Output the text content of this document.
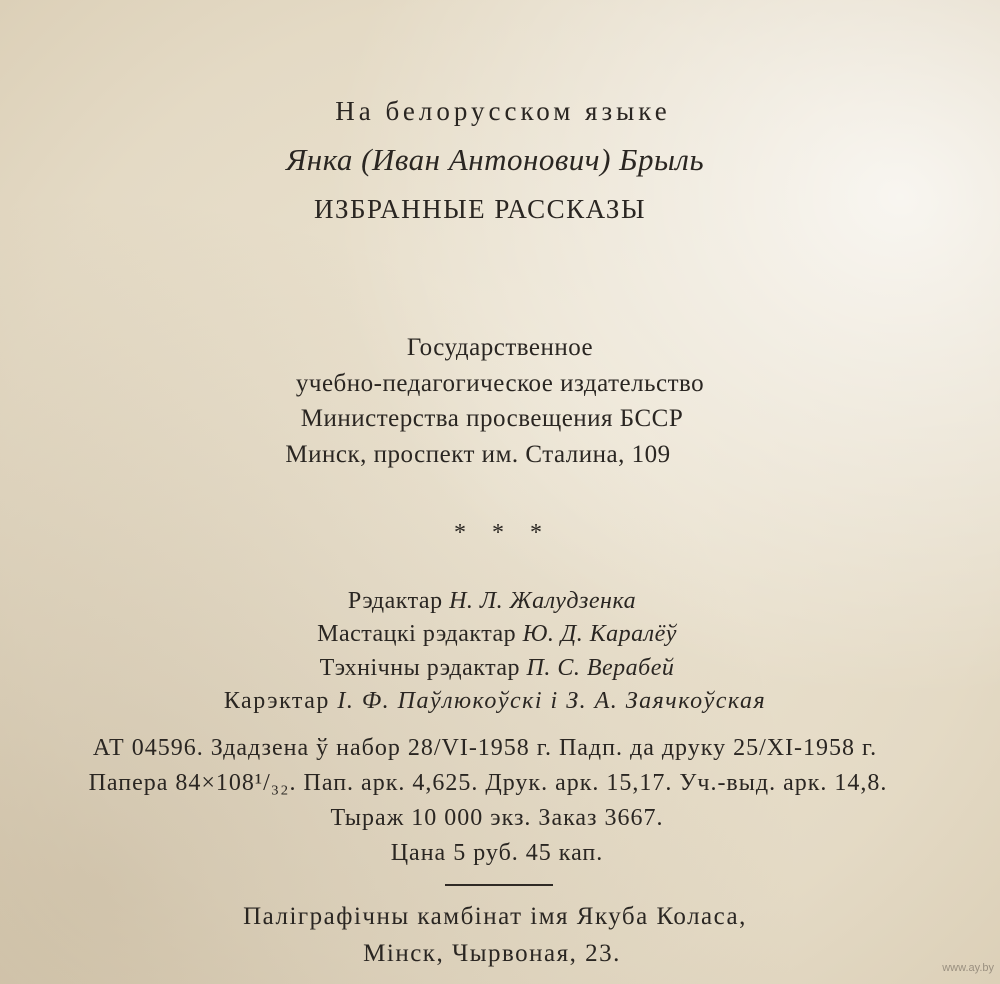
На белорусском языке
Янка (Иван Антонович) Брыль
ИЗБРАННЫЕ РАССКАЗЫ
Государственное
учебно-педагогическое издательство
Министерства просвещения БССР
Минск, проспект им. Сталина, 109
* * *
Рэдактар Н. Л. Жалудзенка
Мастацкі рэдактар Ю. Д. Каралёў
Тэхнічны рэдактар П. С. Верабей
Карэктар І. Ф. Паўлюкоўскі і З. А. Заячкоўская
АТ 04596. Здадзена ў набор 28/VI-1958 г. Падп. да друку 25/XI-1958 г.
Папера 84×108¹/₃₂. Пап. арк. 4,625. Друк. арк. 15,17. Уч.-выд. арк. 14,8.
Тыраж 10 000 экз. Заказ 3667.
Цана 5 руб. 45 кап.
Паліграфічны камбінат імя Якуба Коласа,
Мінск, Чырвоная, 23.
www.ay.by
